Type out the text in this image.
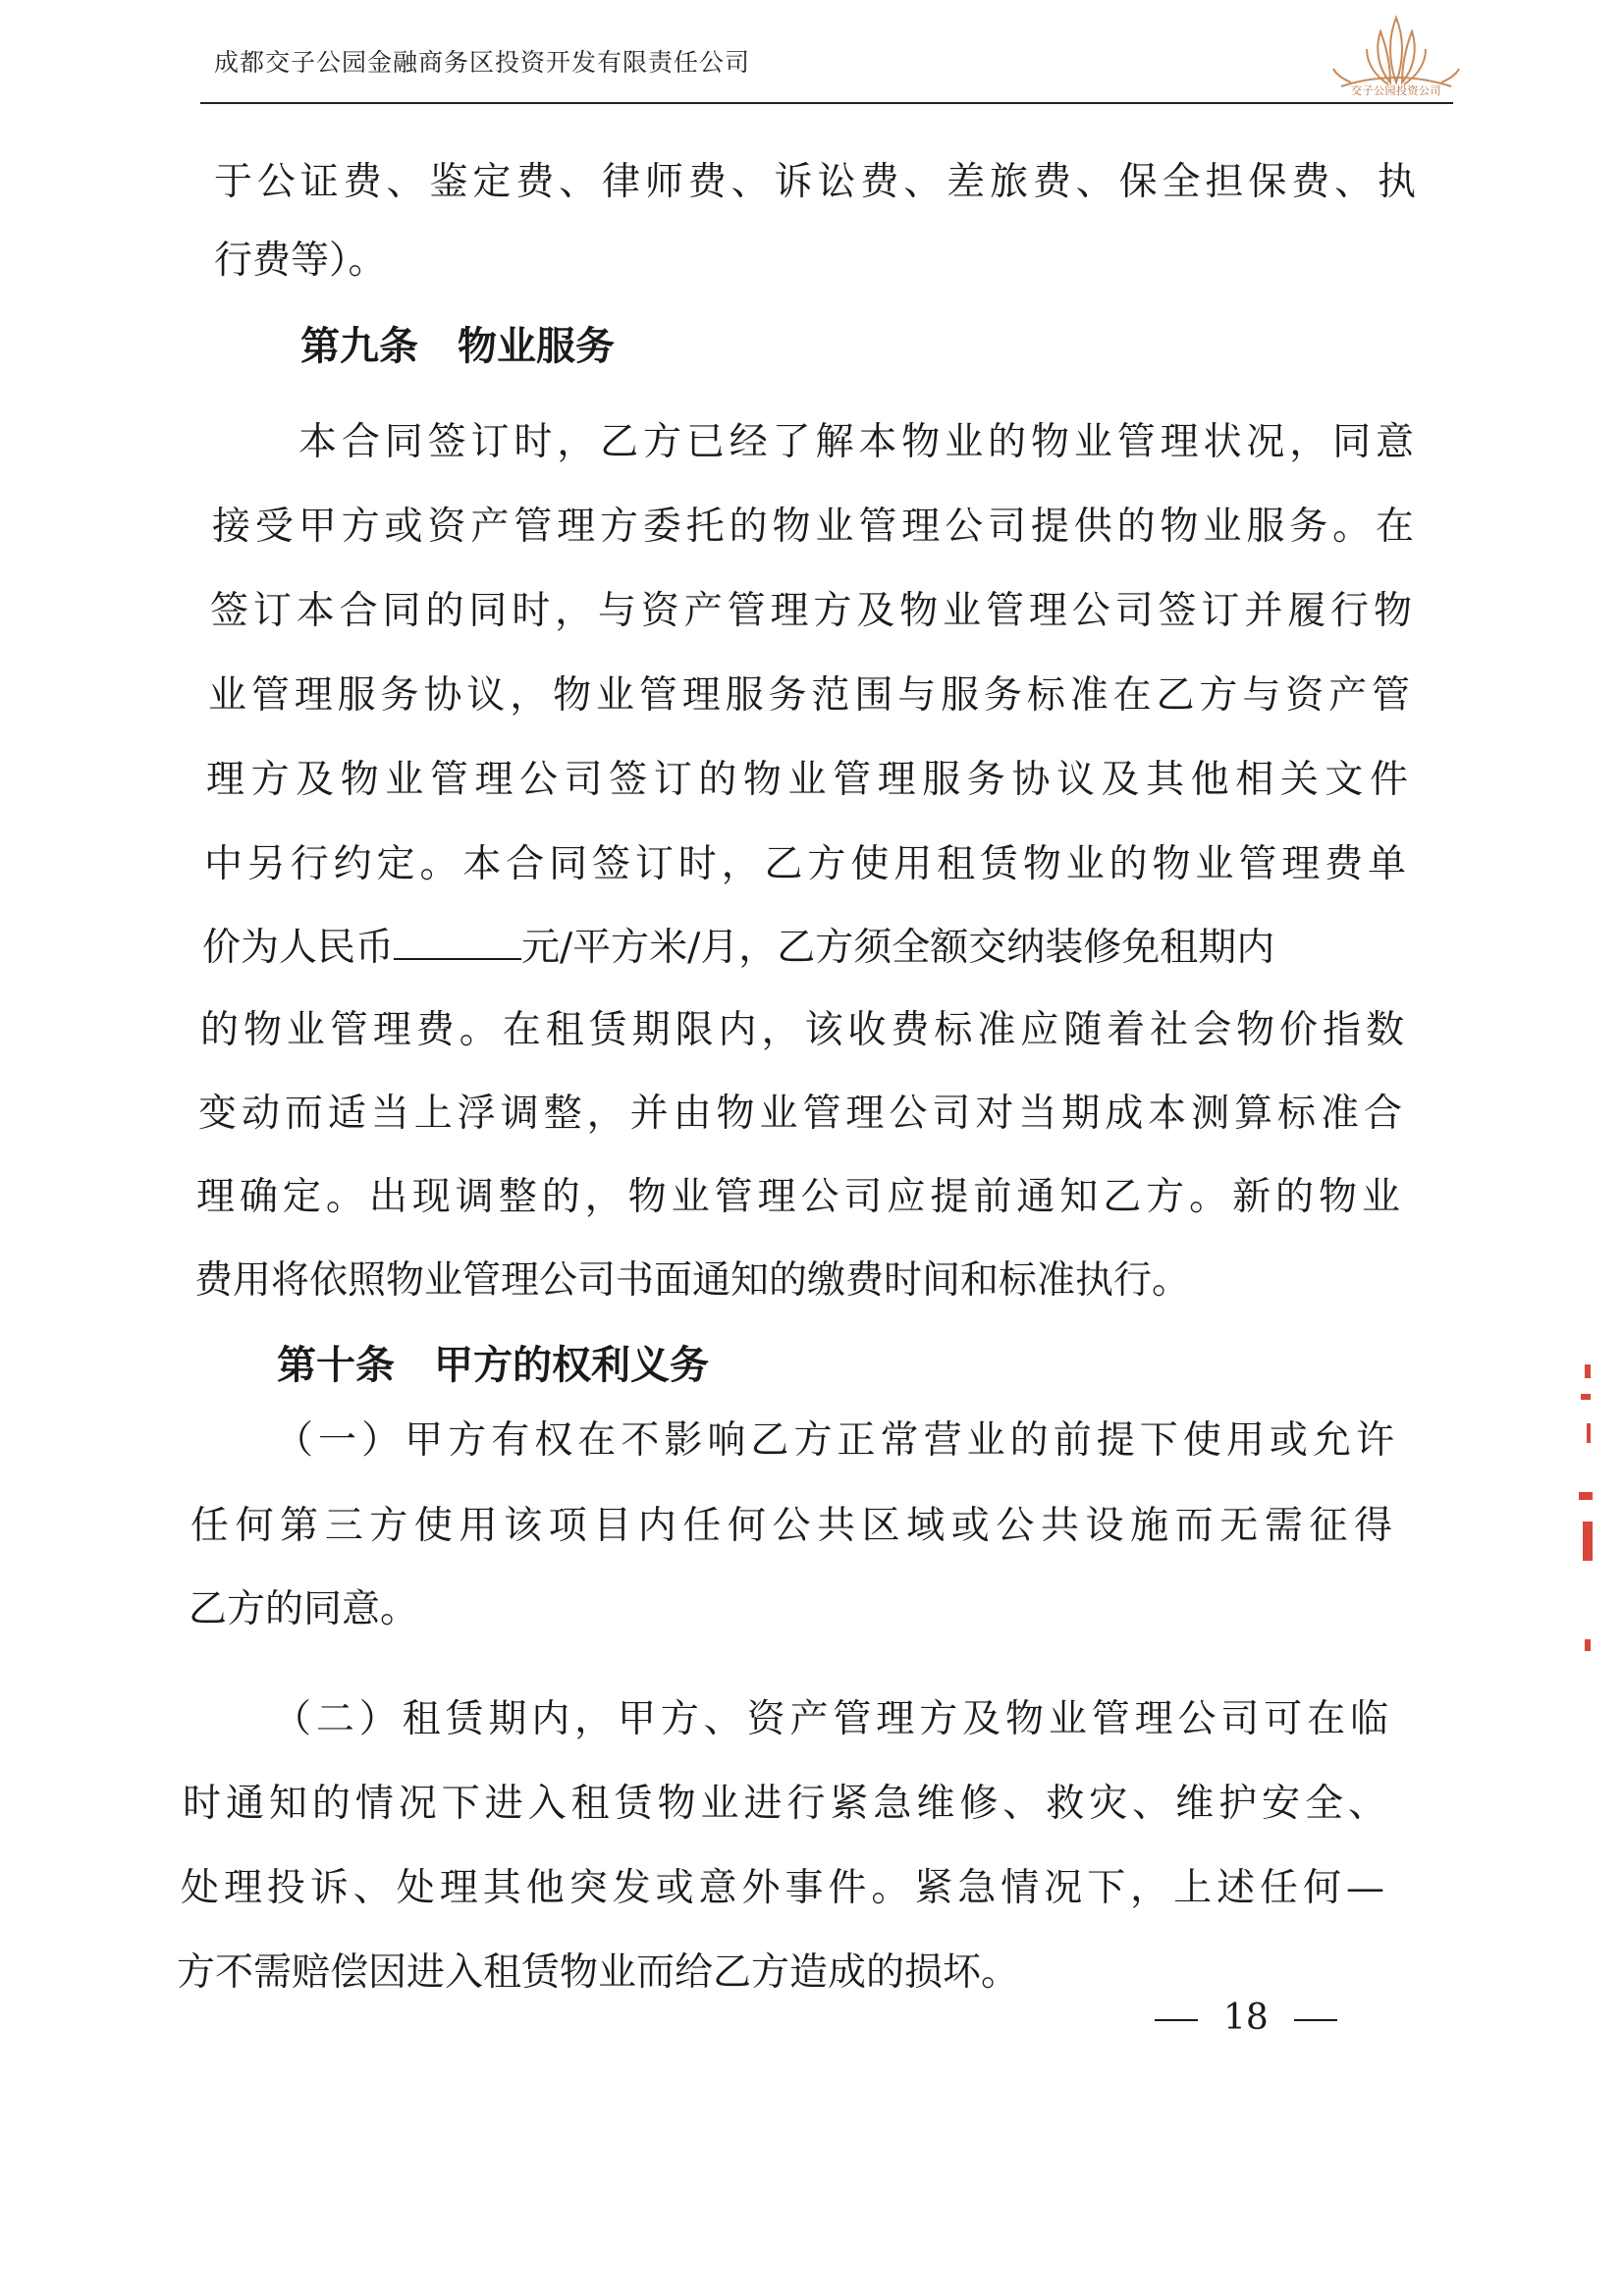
成都交子公园金融商务区投资开发有限责任公司
交子公园投资公司
于公证费、鉴定费、律师费、诉讼费、差旅费、保全担保费、执
行费等）。
第九条　物业服务
本合同签订时，乙方已经了解本物业的物业管理状况，同意
接受甲方或资产管理方委托的物业管理公司提供的物业服务。在
签订本合同的同时，与资产管理方及物业管理公司签订并履行物
业管理服务协议，物业管理服务范围与服务标准在乙方与资产管
理方及物业管理公司签订的物业管理服务协议及其他相关文件
中另行约定。本合同签订时，乙方使用租赁物业的物业管理费单
价为人民币	元/平方米/月，乙方须全额交纳装修免租期内
的物业管理费。在租赁期限内，该收费标准应随着社会物价指数
变动而适当上浮调整，并由物业管理公司对当期成本测算标准合
理确定。出现调整的，物业管理公司应提前通知乙方。新的物业
费用将依照物业管理公司书面通知的缴费时间和标准执行。
第十条　甲方的权利义务
（一）甲方有权在不影响乙方正常营业的前提下使用或允许
任何第三方使用该项目内任何公共区域或公共设施而无需征得
乙方的同意。
（二）租赁期内，甲方、资产管理方及物业管理公司可在临
时通知的情况下进入租赁物业进行紧急维修、救灾、维护安全、
处理投诉、处理其他突发或意外事件。紧急情况下，上述任何—
方不需赔偿因进入租赁物业而给乙方造成的损坏。
18
